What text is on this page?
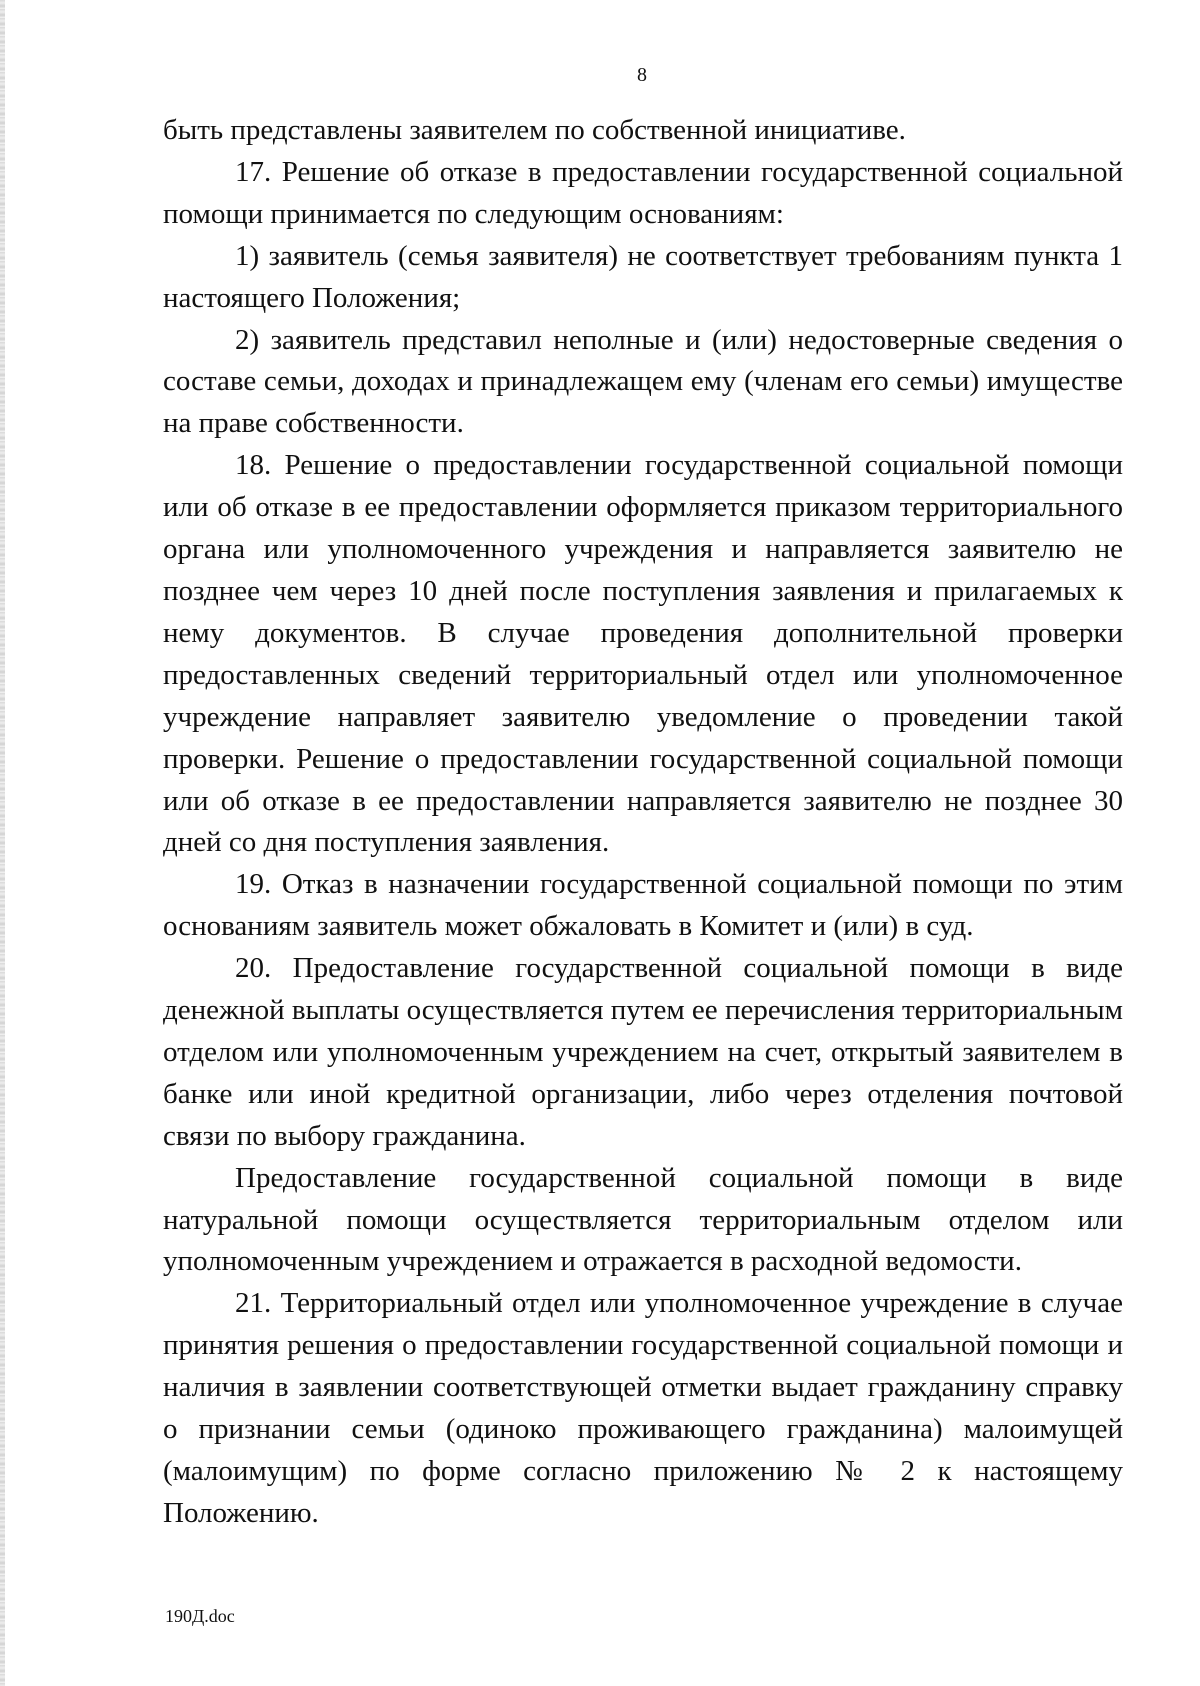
8

быть представлены заявителем по собственной инициативе.

17. Решение об отказе в предоставлении государственной социальной помощи принимается по следующим основаниям:

1) заявитель (семья заявителя) не соответствует требованиям пункта 1 настоящего Положения;

2) заявитель представил неполные и (или) недостоверные сведения о составе семьи, доходах и принадлежащем ему (членам его семьи) имуществе на праве собственности.

18. Решение о предоставлении государственной социальной помощи или об отказе в ее предоставлении оформляется приказом территориального органа или уполномоченного учреждения и направляется заявителю не позднее чем через 10 дней после поступления заявления и прилагаемых к нему документов. В случае проведения дополнительной проверки предоставленных сведений территориальный отдел или уполномоченное учреждение направляет заявителю уведомление о проведении такой проверки. Решение о предоставлении государственной социальной помощи или об отказе в ее предоставлении направляется заявителю не позднее 30 дней со дня поступления заявления.

19. Отказ в назначении государственной социальной помощи по этим основаниям заявитель может обжаловать в Комитет и (или) в суд.

20. Предоставление государственной социальной помощи в виде денежной выплаты осуществляется путем ее перечисления территориальным отделом или уполномоченным учреждением на счет, открытый заявителем в банке или иной кредитной организации, либо через отделения почтовой связи по выбору гражданина.

Предоставление государственной социальной помощи в виде натуральной помощи осуществляется территориальным отделом или уполномоченным учреждением и отражается в расходной ведомости.

21. Территориальный отдел или уполномоченное учреждение в случае принятия решения о предоставлении государственной социальной помощи и наличия в заявлении соответствующей отметки выдает гражданину справку о признании семьи (одиноко проживающего гражданина) малоимущей (малоимущим) по форме согласно приложению № 2 к настоящему Положению.

190Д.doc
